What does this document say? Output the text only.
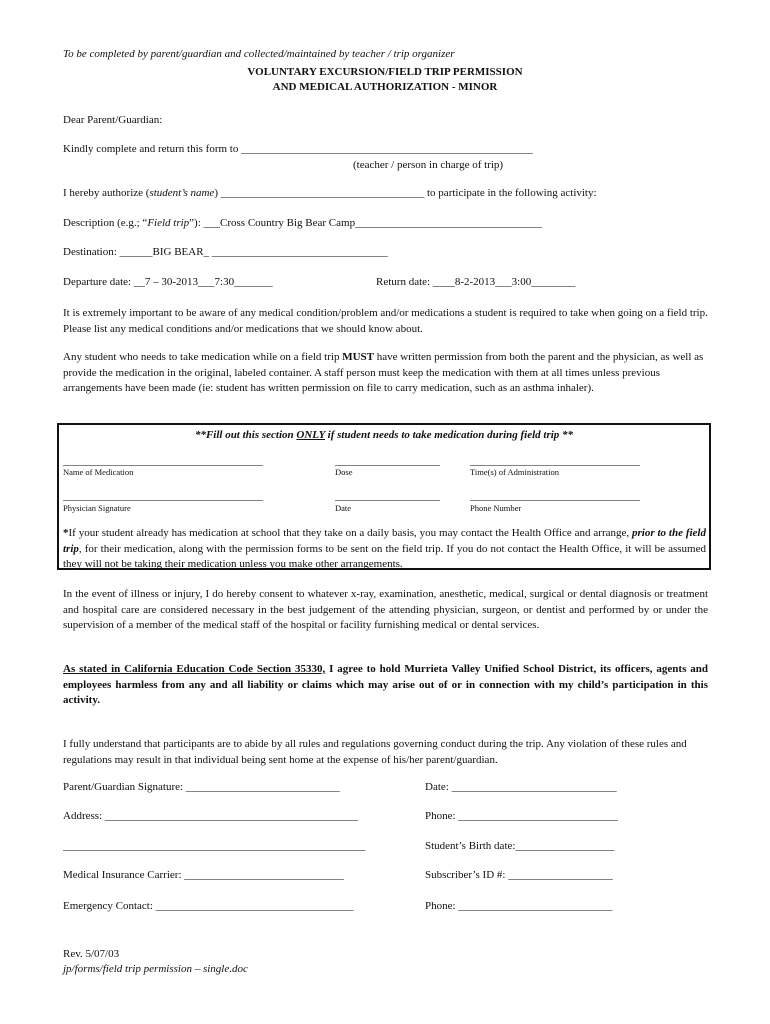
To be completed by parent/guardian and collected/maintained by teacher / trip organizer
VOLUNTARY EXCURSION/FIELD TRIP PERMISSION
AND MEDICAL AUTHORIZATION - MINOR
Dear Parent/Guardian:
Kindly complete and return this form to _____________________________________________________
(teacher / person in charge of trip)
I hereby authorize (student’s name) _____________________________________ to participate in the following activity:
Description (e.g.; “Field trip”): ___Cross Country Big Bear Camp__________________________________
Destination: ______BIG BEAR_ ________________________________
Departure date: __7 – 30-2013___7:30_______	Return date: ____8-2-2013___3:00________
It is extremely important to be aware of any medical condition/problem and/or medications a student is required to take when going on a field trip. Please list any medical conditions and/or medications that we should know about.
Any student who needs to take medication while on a field trip MUST have written permission from both the parent and the physician, as well as provide the medication in the original, labeled container. A staff person must keep the medication with them at all times unless previous arrangements have been made (ie: student has written permission on file to carry medication, such as an asthma inhaler).
**Fill out this section ONLY if student needs to take medication during field trip **
________________________________________	_____________________	__________________________________
Name of Medication	Dose	Time(s) of Administration
________________________________________	_____________________	__________________________________
Physician Signature	Date	Phone Number
*If your student already has medication at school that they take on a daily basis, you may contact the Health Office and arrange, prior to the field trip, for their medication, along with the permission forms to be sent on the field trip. If you do not contact the Health Office, it will be assumed they will not be taking their medication unless you make other arrangements.
In the event of illness or injury, I do hereby consent to whatever x-ray, examination, anesthetic, medical, surgical or dental diagnosis or treatment and hospital care are considered necessary in the best judgement of the attending physician, surgeon, or dentist and performed by or under the supervision of a member of the medical staff of the hospital or facility furnishing medical or dental services.
As stated in California Education Code Section 35330, I agree to hold Murrieta Valley Unified School District, its officers, agents and employees harmless from any and all liability or claims which may arise out of or in connection with my child’s participation in this activity.
I fully understand that participants are to abide by all rules and regulations governing conduct during the trip. Any violation of these rules and regulations may result in that individual being sent home at the expense of his/her parent/guardian.
Parent/Guardian Signature: ____________________________	Date: ______________________________
Address: ______________________________________________	Phone: _____________________________
_______________________________________________________	Student’s Birth date:__________________
Medical Insurance Carrier: _____________________________	Subscriber’s ID #: ___________________
Emergency Contact: ____________________________________	Phone: ____________________________
Rev. 5/07/03
jp/forms/field trip permission – single.doc
